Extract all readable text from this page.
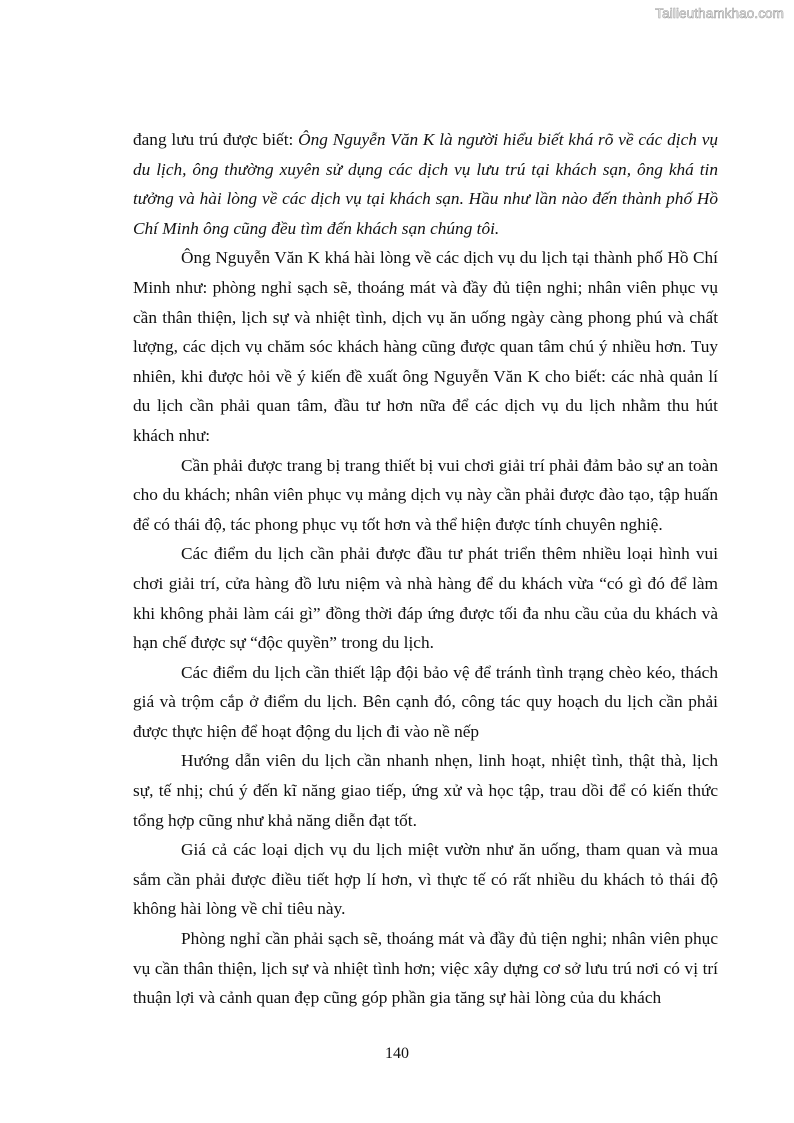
Tailieuthamkhao.com

đang lưu trú được biết: Ông Nguyễn Văn K là người hiểu biết khá rõ về các dịch vụ du lịch, ông thường xuyên sử dụng các dịch vụ lưu trú tại khách sạn, ông khá tin tưởng và hài lòng về các dịch vụ tại khách sạn. Hầu như lần nào đến thành phố Hồ Chí Minh ông cũng đều tìm đến khách sạn chúng tôi.

Ông Nguyễn Văn K khá hài lòng về các dịch vụ du lịch tại thành phố Hồ Chí Minh như: phòng nghỉ sạch sẽ, thoáng mát và đầy đủ tiện nghi; nhân viên phục vụ cần thân thiện, lịch sự và nhiệt tình, dịch vụ ăn uống ngày càng phong phú và chất lượng, các dịch vụ chăm sóc khách hàng cũng được quan tâm chú ý nhiều hơn. Tuy nhiên, khi được hỏi về ý kiến đề xuất ông Nguyễn Văn K cho biết: các nhà quản lí du lịch cần phải quan tâm, đầu tư hơn nữa để các dịch vụ du lịch nhằm thu hút khách như:

Cần phải được trang bị trang thiết bị vui chơi giải trí phải đảm bảo sự an toàn cho du khách; nhân viên phục vụ mảng dịch vụ này cần phải được đào tạo, tập huấn để có thái độ, tác phong phục vụ tốt hơn và thể hiện được tính chuyên nghiệ.

Các điểm du lịch cần phải được đầu tư phát triển thêm nhiều loại hình vui chơi giải trí, cửa hàng đồ lưu niệm và nhà hàng để du khách vừa “có gì đó để làm khi không phải làm cái gì” đồng thời đáp ứng được tối đa nhu cầu của du khách và hạn chế được sự “độc quyền” trong du lịch.

Các điểm du lịch cần thiết lập đội bảo vệ để tránh tình trạng chèo kéo, thách giá và trộm cắp ở điểm du lịch. Bên cạnh đó, công tác quy hoạch du lịch cần phải được thực hiện để hoạt động du lịch đi vào nề nếp

Hướng dẫn viên du lịch cần nhanh nhẹn, linh hoạt, nhiệt tình, thật thà, lịch sự, tế nhị; chú ý đến kĩ năng giao tiếp, ứng xử và học tập, trau dồi để có kiến thức tổng hợp cũng như khả năng diễn đạt tốt.

Giá cả các loại dịch vụ du lịch miệt vườn như ăn uống, tham quan và mua sắm cần phải được điều tiết hợp lí hơn, vì thực tế có rất nhiều du khách tỏ thái độ không hài lòng về chỉ tiêu này.

Phòng nghỉ cần phải sạch sẽ, thoáng mát và đầy đủ tiện nghi; nhân viên phục vụ cần thân thiện, lịch sự và nhiệt tình hơn; việc xây dựng cơ sở lưu trú nơi có vị trí thuận lợi và cảnh quan đẹp cũng góp phần gia tăng sự hài lòng của du khách

140
